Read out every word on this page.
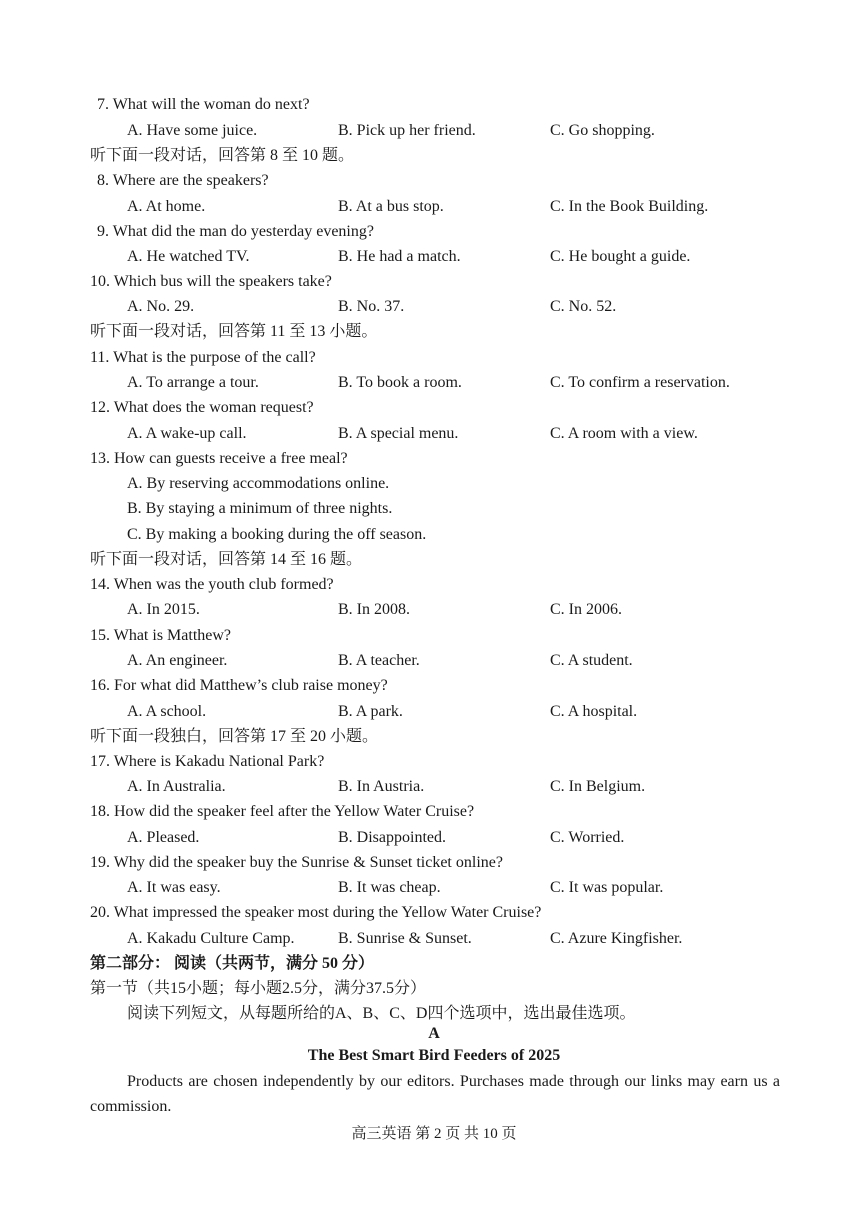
7. What will the woman do next?
A. Have some juice.	B. Pick up her friend.	C. Go shopping.
听下面一段对话，回答第 8 至 10 题。
8. Where are the speakers?
A. At home.	B. At a bus stop.	C. In the Book Building.
9. What did the man do yesterday evening?
A. He watched TV.	B. He had a match.	C. He bought a guide.
10. Which bus will the speakers take?
A. No. 29.	B. No. 37.	C. No. 52.
听下面一段对话，回答第 11 至 13 小题。
11. What is the purpose of the call?
A. To arrange a tour.	B. To book a room.	C. To confirm a reservation.
12. What does the woman request?
A. A wake-up call.	B. A special menu.	C. A room with a view.
13. How can guests receive a free meal?
A. By reserving accommodations online.
B. By staying a minimum of three nights.
C. By making a booking during the off season.
听下面一段对话，回答第 14 至 16 题。
14. When was the youth club formed?
A. In 2015.	B. In 2008.	C. In 2006.
15. What is Matthew?
A. An engineer.	B. A teacher.	C. A student.
16. For what did Matthew’s club raise money?
A. A school.	B. A park.	C. A hospital.
听下面一段独白，回答第 17 至 20 小题。
17. Where is Kakadu National Park?
A. In Australia.	B. In Austria.	C. In Belgium.
18. How did the speaker feel after the Yellow Water Cruise?
A. Pleased.	B. Disappointed.	C. Worried.
19. Why did the speaker buy the Sunrise & Sunset ticket online?
A. It was easy.	B. It was cheap.	C. It was popular.
20. What impressed the speaker most during the Yellow Water Cruise?
A. Kakadu Culture Camp.	B. Sunrise & Sunset.	C. Azure Kingfisher.
第二部分： 阅读（共两节，满分 50 分）
第一节（共15小题；每小题2.5分，满分37.5分）
阅读下列短文，从每题所给的A、B、C、D四个选项中，选出最佳选项。
A
The Best Smart Bird Feeders of 2025
Products are chosen independently by our editors. Purchases made through our links may earn us a commission.
高三英语 第 2 页 共 10 页
